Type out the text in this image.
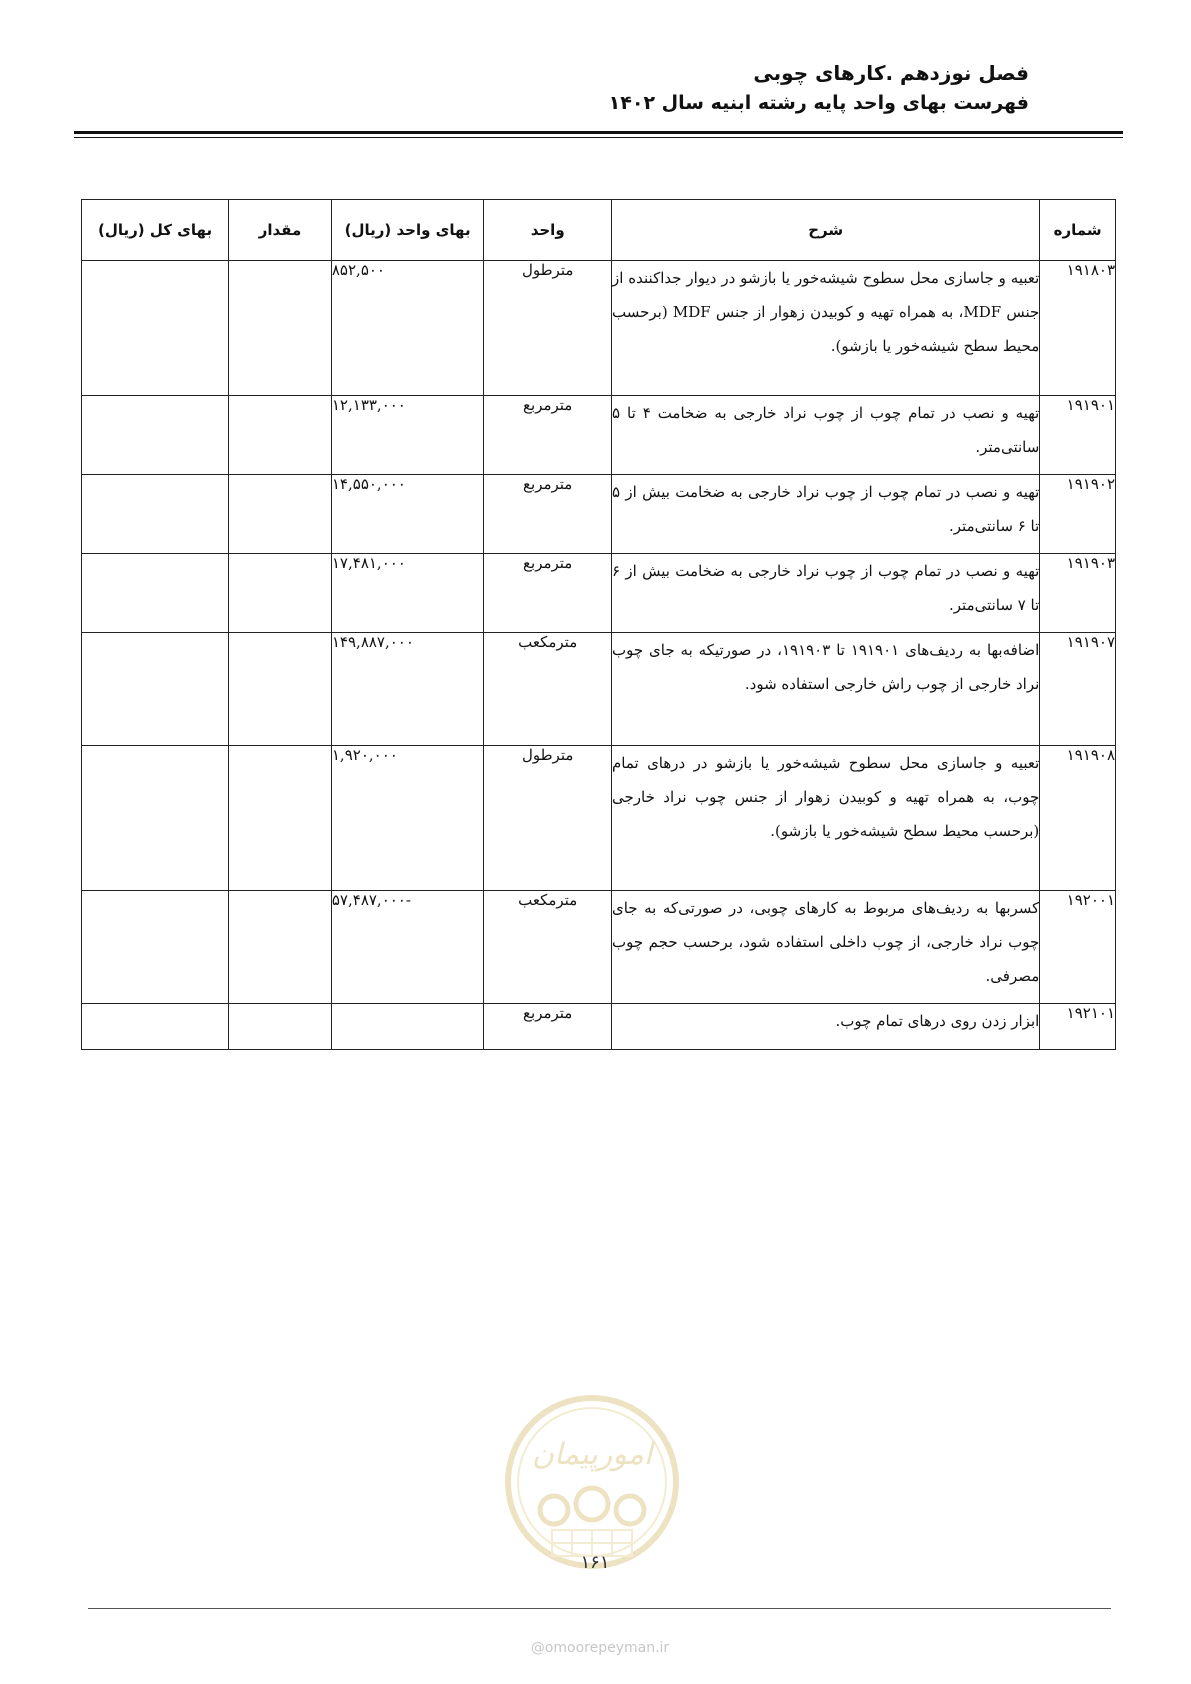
فصل نوزدهم .کارهای چوبی
فهرست بهای واحد پایه رشته ابنیه سال ۱۴۰۲
شماره	شرح	واحد	بهای واحد (ریال)	مقدار	بهای کل (ریال)
۱۹۱۸۰۳	تعبیه و جاسازی محل سطوح شیشه‌خور یا بازشو در دیوار جداکننده از جنس MDF، به همراه تهیه و کوبیدن زهوار از جنس MDF (برحسب محیط سطح شیشه‌خور یا بازشو).	مترطول	۸۵۲,۵۰۰		
۱۹۱۹۰۱	تهیه و نصب در تمام چوب از چوب نراد خارجی به ضخامت ۴ تا ۵ سانتی‌متر.	مترمربع	۱۲,۱۳۳,۰۰۰		
۱۹۱۹۰۲	تهیه و نصب در تمام چوب از چوب نراد خارجی به ضخامت بیش از ۵ تا ۶ سانتی‌متر.	مترمربع	۱۴,۵۵۰,۰۰۰		
۱۹۱۹۰۳	تهیه و نصب در تمام چوب از چوب نراد خارجی به ضخامت بیش از ۶ تا ۷ سانتی‌متر.	مترمربع	۱۷,۴۸۱,۰۰۰		
۱۹۱۹۰۷	اضافه‌بها به ردیف‌های ۱۹۱۹۰۱ تا ۱۹۱۹۰۳، در صورتیکه به جای چوب نراد خارجی از چوب راش خارجی استفاده شود.	مترمکعب	۱۴۹,۸۸۷,۰۰۰		
۱۹۱۹۰۸	تعبیه و جاسازی محل سطوح شیشه‌خور یا بازشو در درهای تمام چوب، به همراه تهیه و کوبیدن زهوار از جنس چوب نراد خارجی (برحسب محیط سطح شیشه‌خور یا بازشو).	مترطول	۱,۹۲۰,۰۰۰		
۱۹۲۰۰۱	کسربها به ردیف‌های مربوط به کارهای چوبی، در صورتی‌که به جای چوب نراد خارجی، از چوب داخلی استفاده شود، برحسب حجم چوب مصرفی.	مترمکعب	-۵۷,۴۸۷,۰۰۰		
۱۹۲۱۰۱	ابزار زدن روی درهای تمام چوب.	مترمربع			
امورپیمان
۱۶۱
@omoorepeyman.ir
